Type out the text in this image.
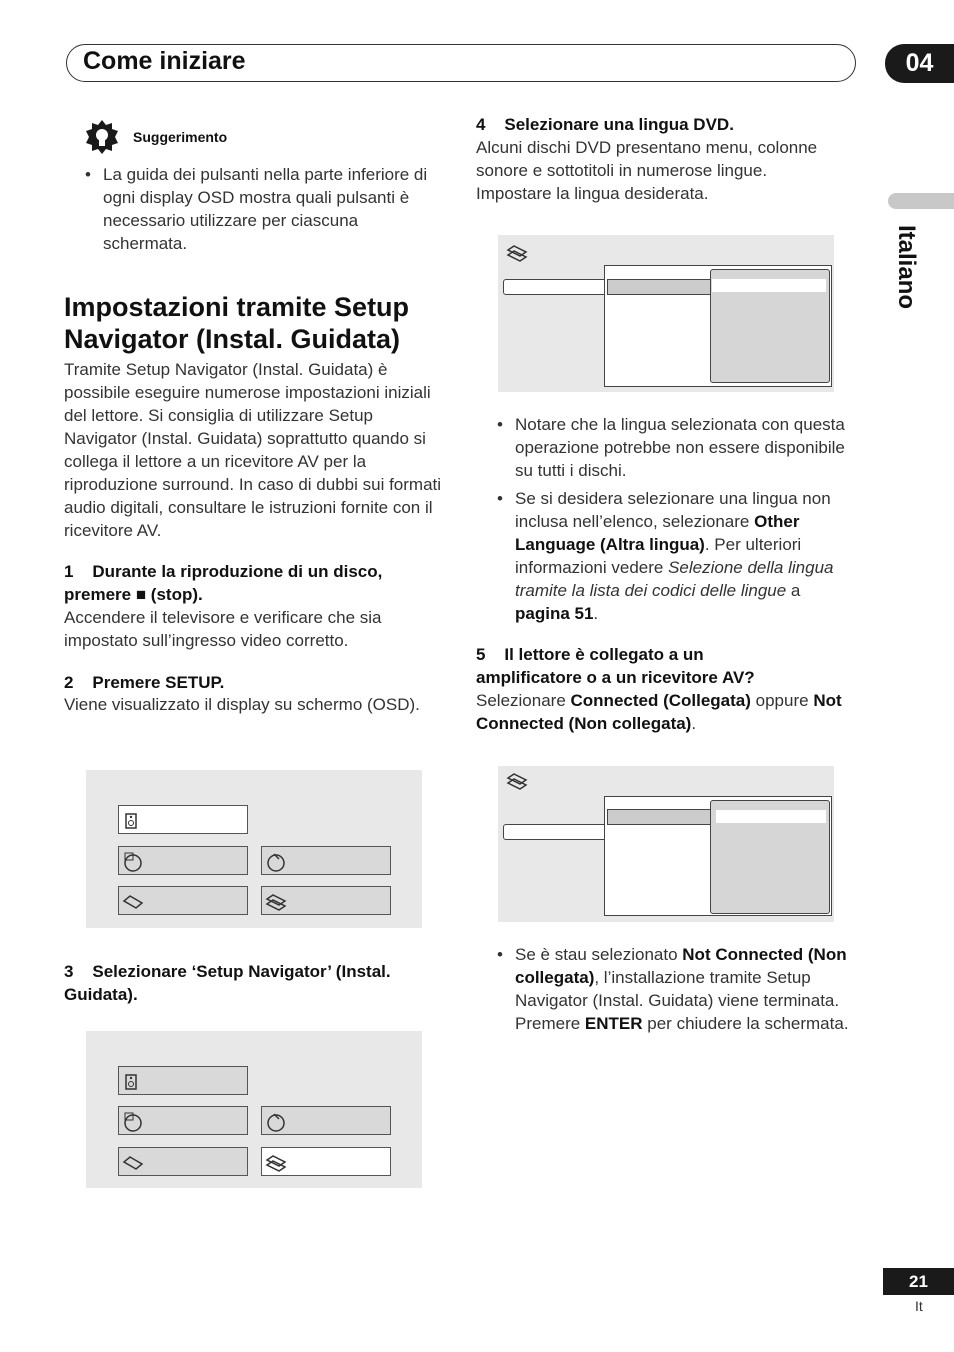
Come iniziare	04
Italiano
Suggerimento
• La guida dei pulsanti nella parte inferiore di ogni display OSD mostra quali pulsanti è necessario utilizzare per ciascuna schermata.
Impostazioni tramite Setup
Navigator (Instal. Guidata)
Tramite Setup Navigator (Instal. Guidata) è possibile eseguire numerose impostazioni iniziali del lettore. Si consiglia di utilizzare Setup Navigator (Instal. Guidata) soprattutto quando si collega il lettore a un ricevitore AV per la riproduzione surround. In caso di dubbi sui formati audio digitali, consultare le istruzioni fornite con il ricevitore AV.
1 Durante la riproduzione di un disco,
premere ■ (stop).
Accendere il televisore e verificare che sia impostato sull’ingresso video corretto.
2 Premere SETUP.
Viene visualizzato il display su schermo (OSD).
3 Selezionare ‘Setup Navigator’ (Instal.
Guidata).
4 Selezionare una lingua DVD.
Alcuni dischi DVD presentano menu, colonne sonore e sottotitoli in numerose lingue. Impostare la lingua desiderata.
• Notare che la lingua selezionata con questa operazione potrebbe non essere disponibile su tutti i dischi.
• Se si desidera selezionare una lingua non inclusa nell’elenco, selezionare Other Language (Altra lingua). Per ulteriori informazioni vedere Selezione della lingua tramite la lista dei codici delle lingue a pagina 51.
5 Il lettore è collegato a un
amplificatore o a un ricevitore AV?
Selezionare Connected (Collegata) oppure Not Connected (Non collegata).
• Se è stau selezionato Not Connected (Non collegata), l’installazione tramite Setup Navigator (Instal. Guidata) viene terminata. Premere ENTER per chiudere la schermata.
21
It
